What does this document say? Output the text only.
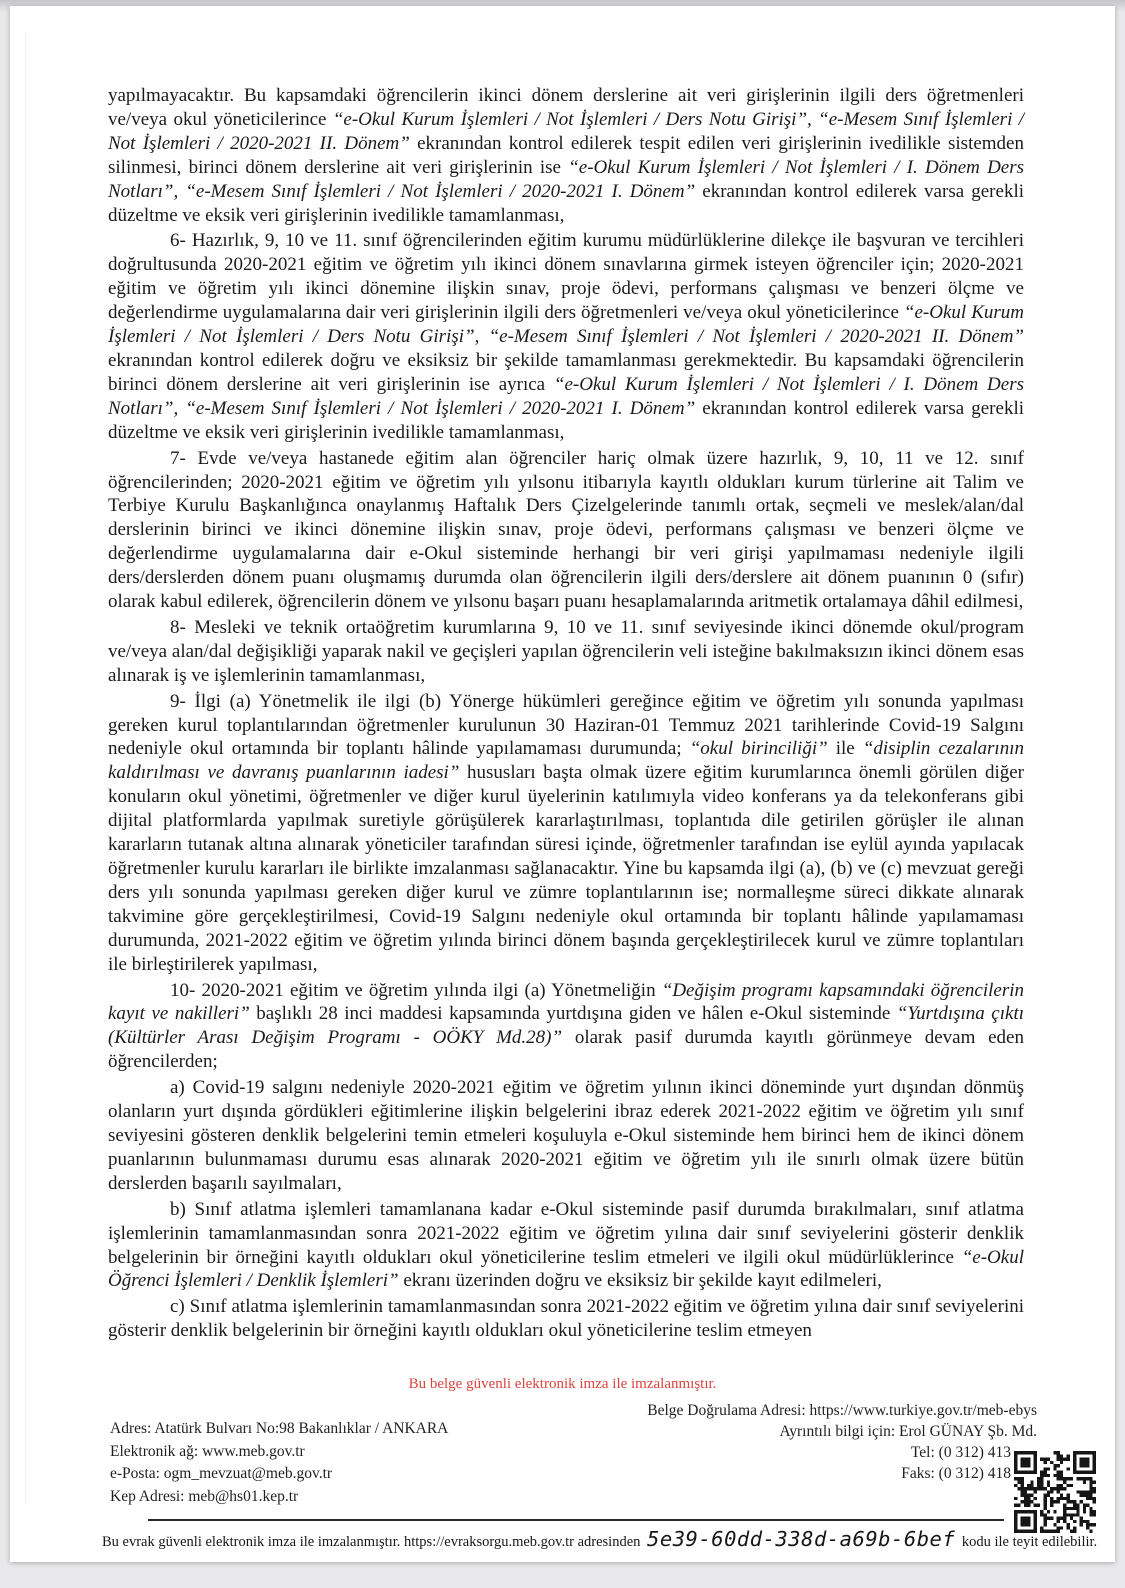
yapılmayacaktır. Bu kapsamdaki öğrencilerin ikinci dönem derslerine ait veri girişlerinin ilgili ders öğretmenleri ve/veya okul yöneticilerince “e-Okul Kurum İşlemleri / Not İşlemleri / Ders Notu Girişi”, “e-Mesem Sınıf İşlemleri / Not İşlemleri / 2020-2021 II. Dönem” ekranından kontrol edilerek tespit edilen veri girişlerinin ivedilikle sistemden silinmesi, birinci dönem derslerine ait veri girişlerinin ise “e-Okul Kurum İşlemleri / Not İşlemleri / I. Dönem Ders Notları”, “e-Mesem Sınıf İşlemleri / Not İşlemleri / 2020-2021 I. Dönem” ekranından kontrol edilerek varsa gerekli düzeltme ve eksik veri girişlerinin ivedilikle tamamlanması,

6- Hazırlık, 9, 10 ve 11. sınıf öğrencilerinden eğitim kurumu müdürlüklerine dilekçe ile başvuran ve tercihleri doğrultusunda 2020-2021 eğitim ve öğretim yılı ikinci dönem sınavlarına girmek isteyen öğrenciler için; 2020-2021 eğitim ve öğretim yılı ikinci dönemine ilişkin sınav, proje ödevi, performans çalışması ve benzeri ölçme ve değerlendirme uygulamalarına dair veri girişlerinin ilgili ders öğretmenleri ve/veya okul yöneticilerince “e-Okul Kurum İşlemleri / Not İşlemleri / Ders Notu Girişi”, “e-Mesem Sınıf İşlemleri / Not İşlemleri / 2020-2021 II. Dönem” ekranından kontrol edilerek doğru ve eksiksiz bir şekilde tamamlanması gerekmektedir. Bu kapsamdaki öğrencilerin birinci dönem derslerine ait veri girişlerinin ise ayrıca “e-Okul Kurum İşlemleri / Not İşlemleri / I. Dönem Ders Notları”, “e-Mesem Sınıf İşlemleri / Not İşlemleri / 2020-2021 I. Dönem” ekranından kontrol edilerek varsa gerekli düzeltme ve eksik veri girişlerinin ivedilikle tamamlanması,

7- Evde ve/veya hastanede eğitim alan öğrenciler hariç olmak üzere hazırlık, 9, 10, 11 ve 12. sınıf öğrencilerinden; 2020-2021 eğitim ve öğretim yılı yılsonu itibarıyla kayıtlı oldukları kurum türlerine ait Talim ve Terbiye Kurulu Başkanlığınca onaylanmış Haftalık Ders Çizelgelerinde tanımlı ortak, seçmeli ve meslek/alan/dal derslerinin birinci ve ikinci dönemine ilişkin sınav, proje ödevi, performans çalışması ve benzeri ölçme ve değerlendirme uygulamalarına dair e-Okul sisteminde herhangi bir veri girişi yapılmaması nedeniyle ilgili ders/derslerden dönem puanı oluşmamış durumda olan öğrencilerin ilgili ders/derslere ait dönem puanının 0 (sıfır) olarak kabul edilerek, öğrencilerin dönem ve yılsonu başarı puanı hesaplamalarında aritmetik ortalamaya dâhil edilmesi,

8- Mesleki ve teknik ortaöğretim kurumlarına 9, 10 ve 11. sınıf seviyesinde ikinci dönemde okul/program ve/veya alan/dal değişikliği yaparak nakil ve geçişleri yapılan öğrencilerin veli isteğine bakılmaksızın ikinci dönem esas alınarak iş ve işlemlerinin tamamlanması,

9- İlgi (a) Yönetmelik ile ilgi (b) Yönerge hükümleri gereğince eğitim ve öğretim yılı sonunda yapılması gereken kurul toplantılarından öğretmenler kurulunun 30 Haziran-01 Temmuz 2021 tarihlerinde Covid-19 Salgını nedeniyle okul ortamında bir toplantı hâlinde yapılamaması durumunda; “okul birinciliği” ile “disiplin cezalarının kaldırılması ve davranış puanlarının iadesi” hususları başta olmak üzere eğitim kurumlarınca önemli görülen diğer konuların okul yönetimi, öğretmenler ve diğer kurul üyelerinin katılımıyla video konferans ya da telekonferans gibi dijital platformlarda yapılmak suretiyle görüşülerek kararlaştırılması, toplantıda dile getirilen görüşler ile alınan kararların tutanak altına alınarak yöneticiler tarafından süresi içinde, öğretmenler tarafından ise eylül ayında yapılacak öğretmenler kurulu kararları ile birlikte imzalanması sağlanacaktır. Yine bu kapsamda ilgi (a), (b) ve (c) mevzuat gereği ders yılı sonunda yapılması gereken diğer kurul ve zümre toplantılarının ise; normalleşme süreci dikkate alınarak takvimine göre gerçekleştirilmesi, Covid-19 Salgını nedeniyle okul ortamında bir toplantı hâlinde yapılamaması durumunda, 2021-2022 eğitim ve öğretim yılında birinci dönem başında gerçekleştirilecek kurul ve zümre toplantıları ile birleştirilerek yapılması,

10- 2020-2021 eğitim ve öğretim yılında ilgi (a) Yönetmeliğin “Değişim programı kapsamındaki öğrencilerin kayıt ve nakilleri” başlıklı 28 inci maddesi kapsamında yurtdışına giden ve hâlen e-Okul sisteminde “Yurtdışına çıktı (Kültürler Arası Değişim Programı - OÖKY Md.28)” olarak pasif durumda kayıtlı görünmeye devam eden öğrencilerden;

a) Covid-19 salgını nedeniyle 2020-2021 eğitim ve öğretim yılının ikinci döneminde yurt dışından dönmüş olanların yurt dışında gördükleri eğitimlerine ilişkin belgelerini ibraz ederek 2021-2022 eğitim ve öğretim yılı sınıf seviyesini gösteren denklik belgelerini temin etmeleri koşuluyla e-Okul sisteminde hem birinci hem de ikinci dönem puanlarının bulunmaması durumu esas alınarak 2020-2021 eğitim ve öğretim yılı ile sınırlı olmak üzere bütün derslerden başarılı sayılmaları,

b) Sınıf atlatma işlemleri tamamlanana kadar e-Okul sisteminde pasif durumda bırakılmaları, sınıf atlatma işlemlerinin tamamlanmasından sonra 2021-2022 eğitim ve öğretim yılına dair sınıf seviyelerini gösterir denklik belgelerinin bir örneğini kayıtlı oldukları okul yöneticilerine teslim etmeleri ve ilgili okul müdürlüklerince “e-Okul Öğrenci İşlemleri / Denklik İşlemleri” ekranı üzerinden doğru ve eksiksiz bir şekilde kayıt edilmeleri,

c) Sınıf atlatma işlemlerinin tamamlanmasından sonra 2021-2022 eğitim ve öğretim yılına dair sınıf seviyelerini gösterir denklik belgelerinin bir örneğini kayıtlı oldukları okul yöneticilerine teslim etmeyen

Bu belge güvenli elektronik imza ile imzalanmıştır.
Belge Doğrulama Adresi: https://www.turkiye.gov.tr/meb-ebys
Ayrıntılı bilgi için: Erol GÜNAY Şb. Md.
Tel: (0 312) 413
Faks: (0 312) 418
Adres: Atatürk Bulvarı No:98 Bakanlıklar / ANKARA
Elektronik ağ: www.meb.gov.tr
e-Posta: ogm_mevzuat@meb.gov.tr
Kep Adresi: meb@hs01.kep.tr
Bu evrak güvenli elektronik imza ile imzalanmıştır. https://evraksorgu.meb.gov.tr adresinden 5e39-60dd-338d-a69b-6bef kodu ile teyit edilebilir.
